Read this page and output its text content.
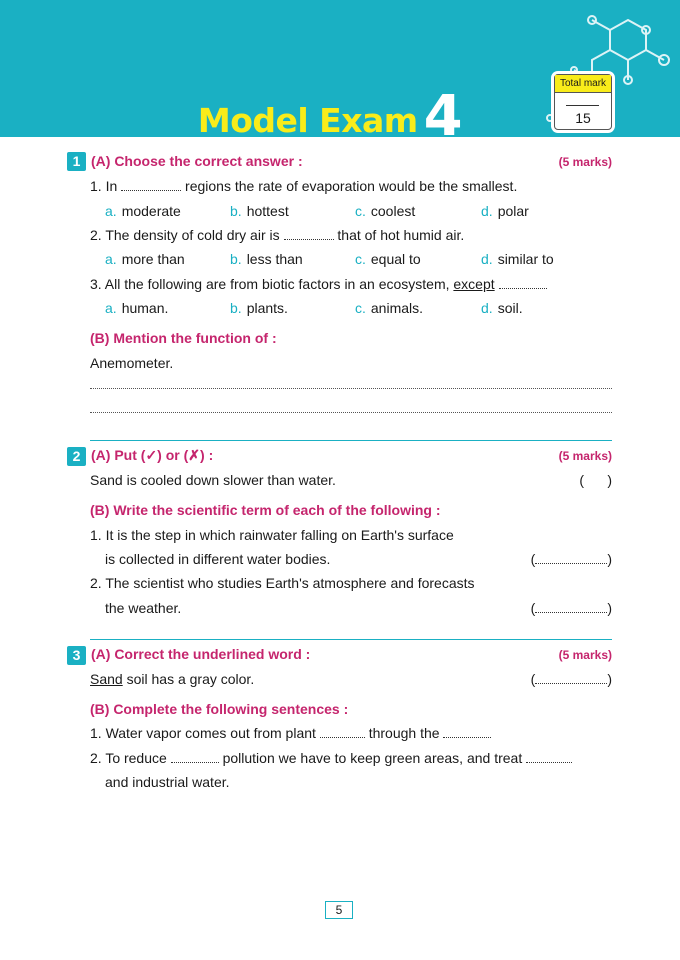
Model Exam 4
Total mark
15
1 (A) Choose the correct answer :	(5 marks)
1. In	regions the rate of evaporation would be the smallest.
a. moderate	b. hottest	c. coolest	d. polar
2. The density of cold dry air is	that of hot humid air.
a. more than	b. less than	c. equal to	d. similar to
3. All the following are from biotic factors in an ecosystem, except
a. human.	b. plants.	c. animals.	d. soil.
(B) Mention the function of :
Anemometer.
2 (A) Put (✓) or (✗) :	(5 marks)
Sand is cooled down slower than water.	(      )
(B) Write the scientific term of each of the following :
1. It is the step in which rainwater falling on Earth's surface
is collected in different water bodies.	(	)
2. The scientist who studies Earth's atmosphere and forecasts
the weather.	(	)
3 (A) Correct the underlined word :	(5 marks)
Sand soil has a gray color.	(	)
(B) Complete the following sentences :
1. Water vapor comes out from plant	through the
2. To reduce	pollution we have to keep green areas, and treat
and industrial water.
5
